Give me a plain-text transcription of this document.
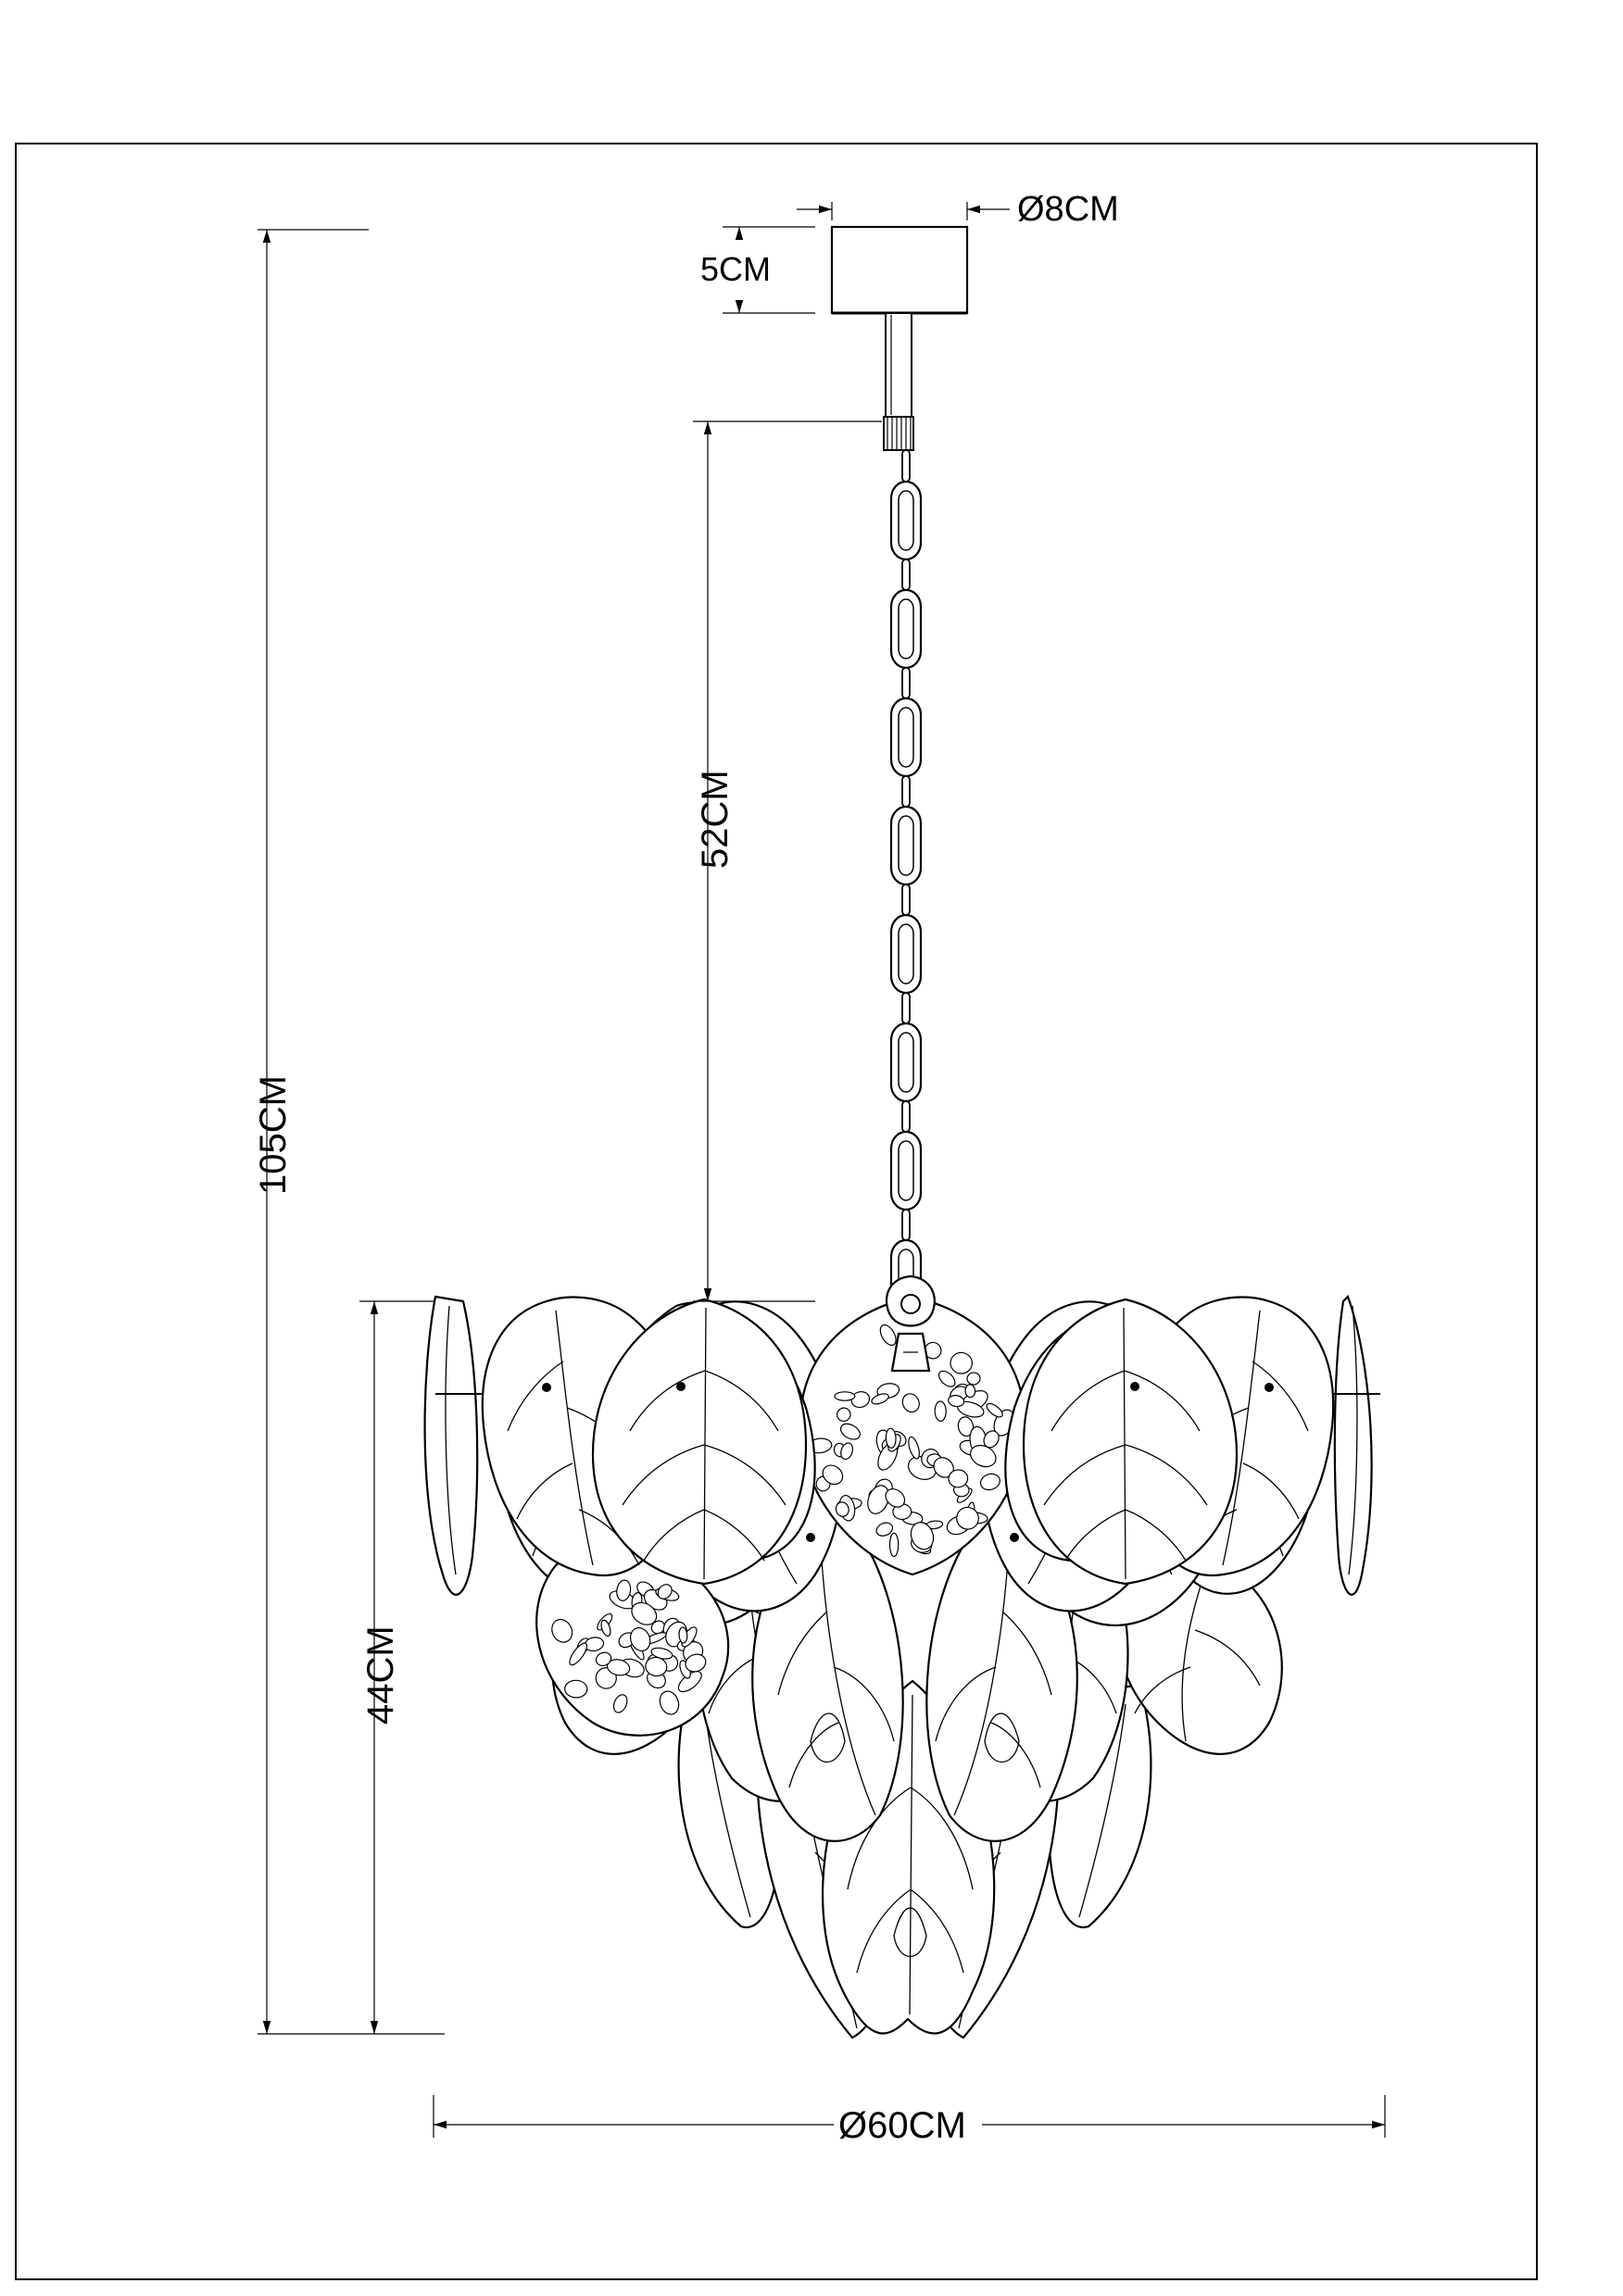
Ø8CM
5CM
52CM
105CM
44CM
Ø60CM
